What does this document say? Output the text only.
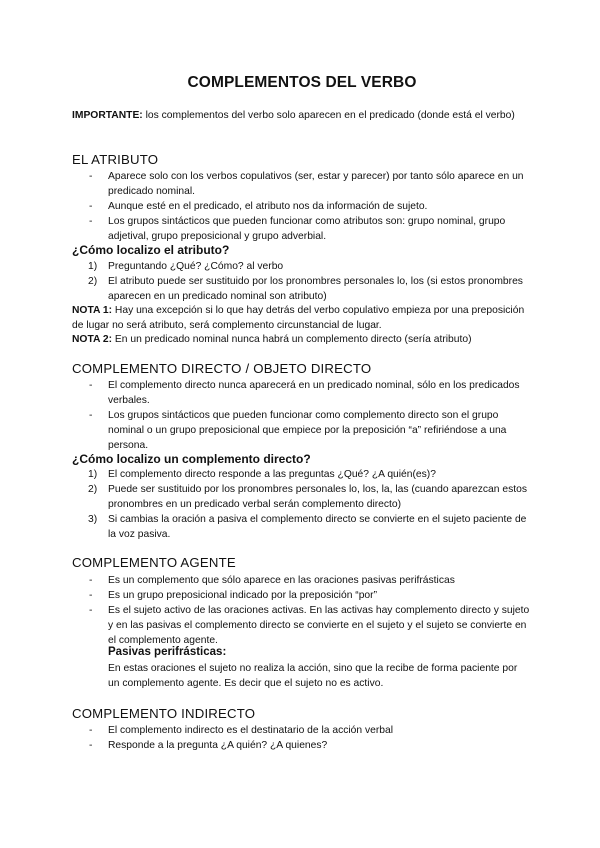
COMPLEMENTOS DEL VERBO
IMPORTANTE: los complementos del verbo solo aparecen en el predicado (donde está el verbo)
EL ATRIBUTO
- Aparece solo con los verbos copulativos (ser, estar y parecer) por tanto sólo aparece en un predicado nominal.
- Aunque esté en el predicado, el atributo nos da información de sujeto.
- Los grupos sintácticos que pueden funcionar como atributos son: grupo nominal, grupo adjetival, grupo preposicional y grupo adverbial.
¿Cómo localizo el atributo?
1) Preguntando ¿Qué? ¿Cómo? al verbo
2) El atributo puede ser sustituido por los pronombres personales lo, los (si estos pronombres aparecen en un predicado nominal son atributo)
NOTA 1: Hay una excepción si lo que hay detrás del verbo copulativo empieza por una preposición de lugar no será atributo, será complemento circunstancial de lugar.
NOTA 2: En un predicado nominal nunca habrá un complemento directo (sería atributo)
COMPLEMENTO DIRECTO / OBJETO DIRECTO
- El complemento directo nunca aparecerá en un predicado nominal, sólo en los predicados verbales.
- Los grupos sintácticos que pueden funcionar como complemento directo son el grupo nominal o un grupo preposicional que empiece por la preposición “a” refiriéndose a una persona.
¿Cómo localizo un complemento directo?
1) El complemento directo responde a las preguntas ¿Qué? ¿A quién(es)?
2) Puede ser sustituido por los pronombres personales lo, los, la, las (cuando aparezcan estos pronombres en un predicado verbal serán complemento directo)
3) Si cambias la oración a pasiva el complemento directo se convierte en el sujeto paciente de la voz pasiva.
COMPLEMENTO AGENTE
- Es un complemento que sólo aparece en las oraciones pasivas perifrásticas
- Es un grupo preposicional indicado por la preposición “por”
- Es el sujeto activo de las oraciones activas. En las activas hay complemento directo y sujeto y en las pasivas el complemento directo se convierte en el sujeto y el sujeto se convierte en el complemento agente.
Pasivas perifrásticas:
En estas oraciones el sujeto no realiza la acción, sino que la recibe de forma paciente por un complemento agente. Es decir que el sujeto no es activo.
COMPLEMENTO INDIRECTO
- El complemento indirecto es el destinatario de la acción verbal
- Responde a la pregunta ¿A quién? ¿A quienes?
